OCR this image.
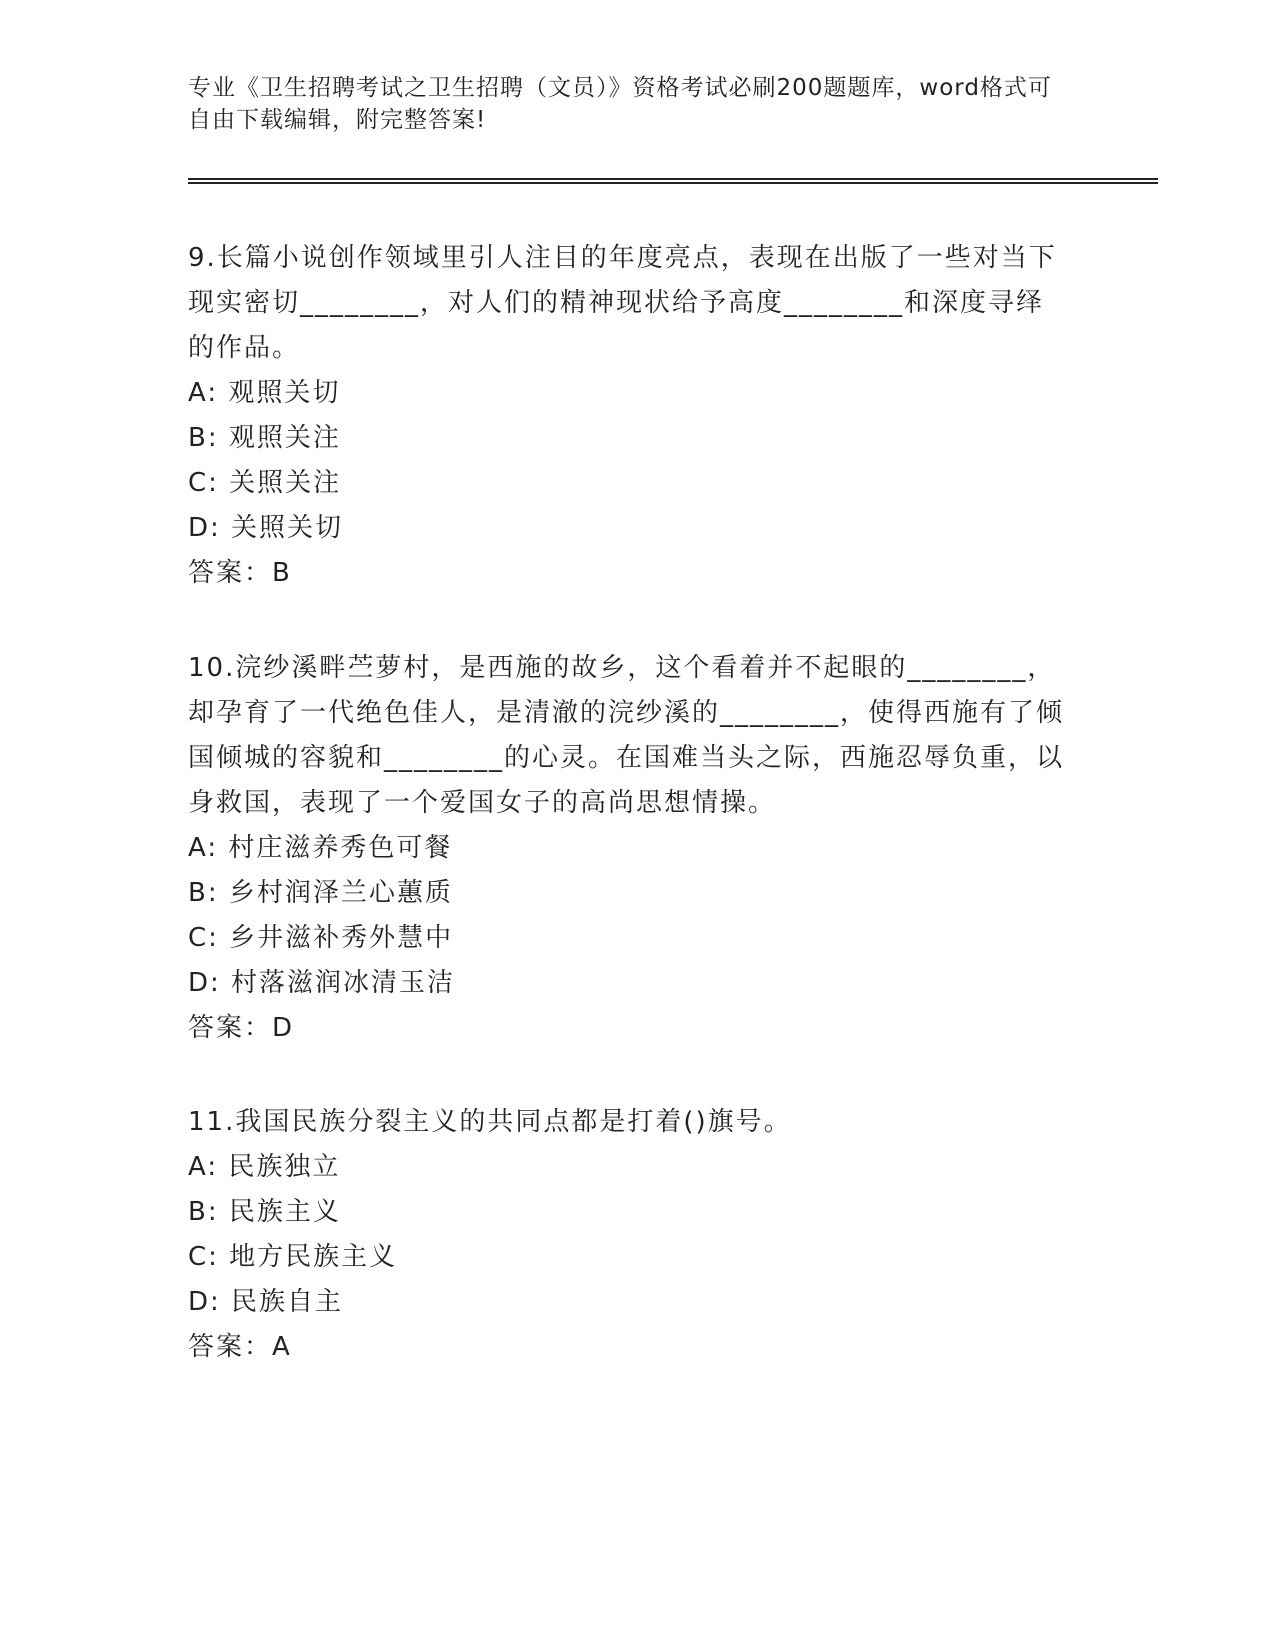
专业《卫生招聘考试之卫生招聘（文员）》资格考试必刷200题题库，word格式可自由下载编辑，附完整答案!

9.长篇小说创作领域里引人注目的年度亮点，表现在出版了一些对当下现实密切________，对人们的精神现状给予高度________和深度寻绎的作品。

A: 观照关切

B: 观照关注

C: 关照关注

D: 关照关切

答案：B

10.浣纱溪畔苎萝村，是西施的故乡，这个看着并不起眼的________，却孕育了一代绝色佳人，是清澈的浣纱溪的________，使得西施有了倾国倾城的容貌和________的心灵。在国难当头之际，西施忍辱负重，以身救国，表现了一个爱国女子的高尚思想情操。

A: 村庄滋养秀色可餐

B: 乡村润泽兰心蕙质

C: 乡井滋补秀外慧中

D: 村落滋润冰清玉洁

答案：D

11.我国民族分裂主义的共同点都是打着()旗号。

A: 民族独立

B: 民族主义

C: 地方民族主义

D: 民族自主

答案：A
